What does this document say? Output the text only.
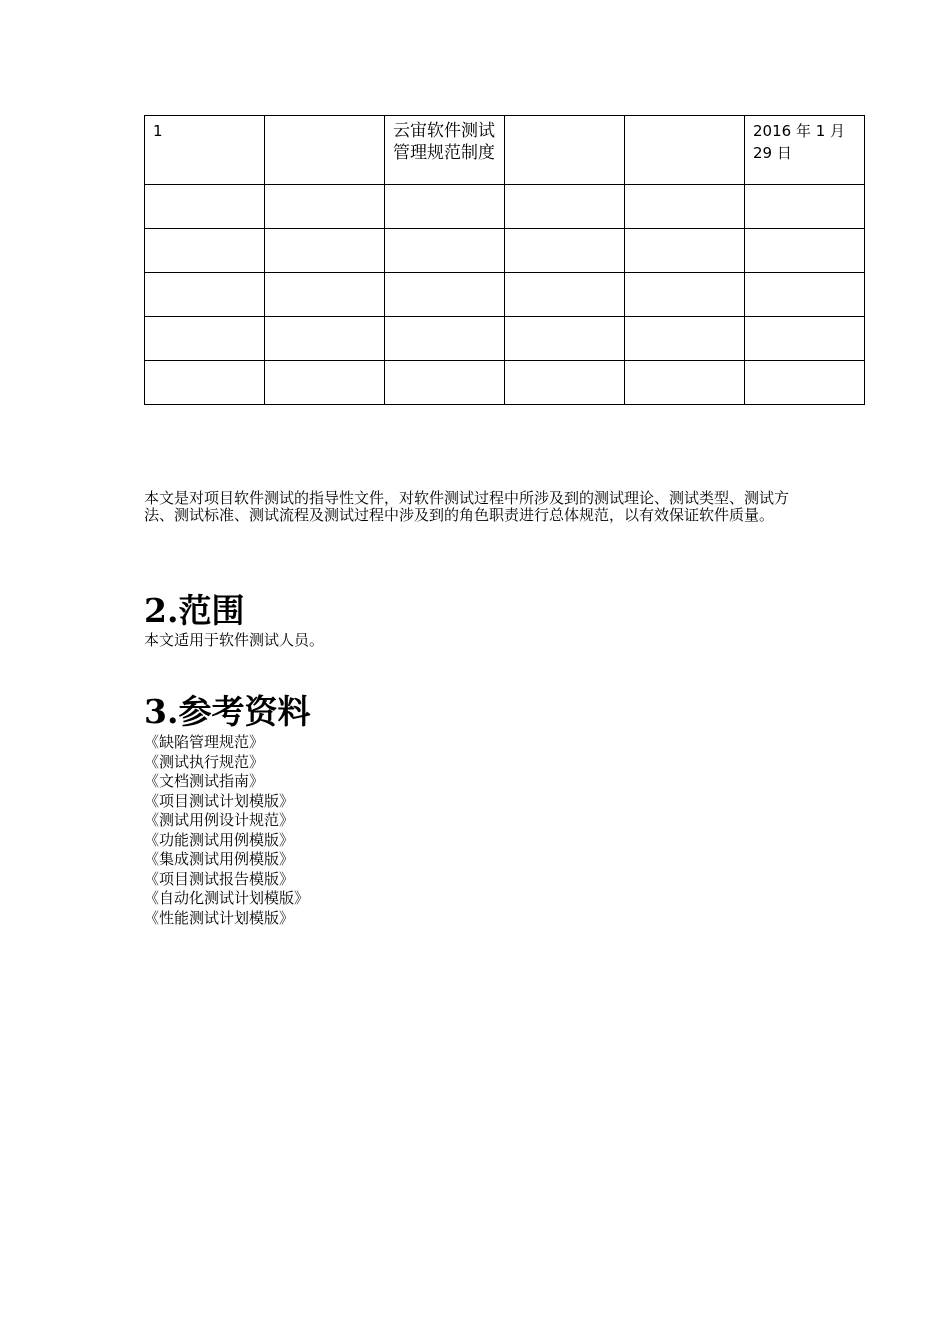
1		云宙软件测试管理规范制度			2016 年 1 月 29 日

本文是对项目软件测试的指导性文件，对软件测试过程中所涉及到的测试理论、测试类型、测试方法、测试标准、测试流程及测试过程中涉及到的角色职责进行总体规范，以有效保证软件质量。

2.范围

本文适用于软件测试人员。

3.参考资料
《缺陷管理规范》
《测试执行规范》
《文档测试指南》
《项目测试计划模版》
《测试用例设计规范》
《功能测试用例模版》
《集成测试用例模版》
《项目测试报告模版》
《自动化测试计划模版》
《性能测试计划模版》
